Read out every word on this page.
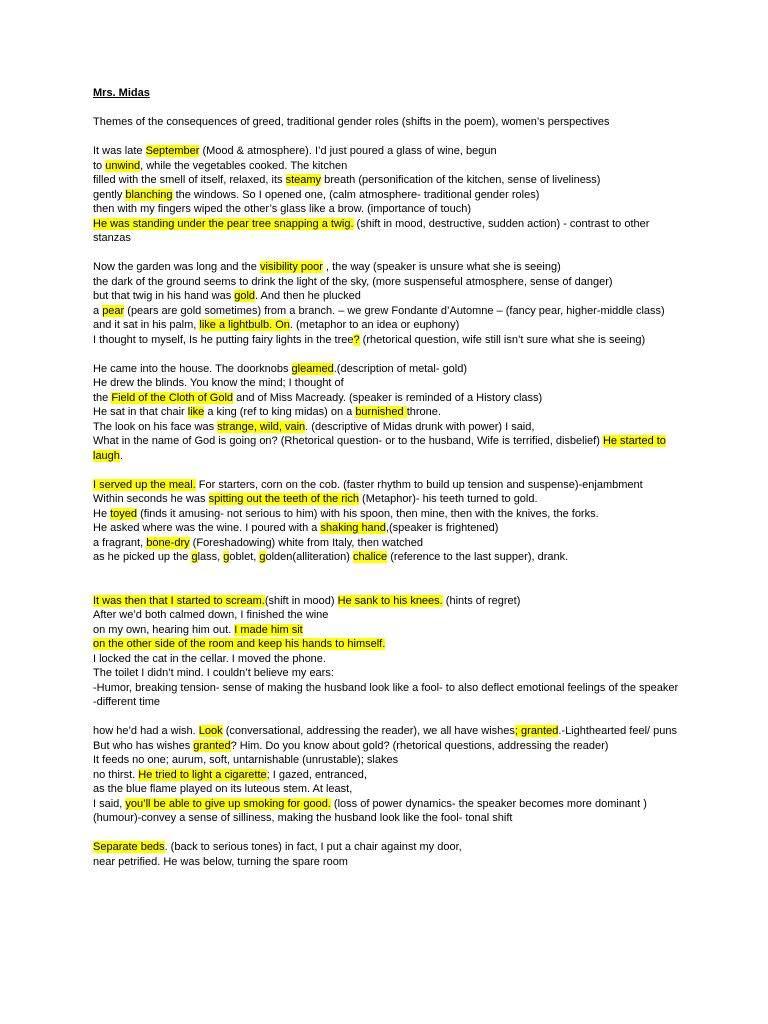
Mrs. Midas

Themes of the consequences of greed, traditional gender roles (shifts in the poem), women’s perspectives

It was late September (Mood & atmosphere). I’d just poured a glass of wine, begun

to unwind, while the vegetables cooked. The kitchen

filled with the smell of itself, relaxed, its steamy breath (personification of the kitchen, sense of liveliness)

gently blanching the windows. So I opened one, (calm atmosphere- traditional gender roles)

then with my fingers wiped the other’s glass like a brow. (importance of touch)

He was standing under the pear tree snapping a twig. (shift in mood, destructive, sudden action) - contrast to other stanzas

Now the garden was long and the visibility poor , the way (speaker is unsure what she is seeing)

the dark of the ground seems to drink the light of the sky, (more suspenseful atmosphere, sense of danger)

but that twig in his hand was gold. And then he plucked

a pear (pears are gold sometimes) from a branch. – we grew Fondante d’Automne – (fancy pear, higher-middle class)

and it sat in his palm, like a lightbulb. On. (metaphor to an idea or euphony)

I thought to myself, Is he putting fairy lights in the tree? (rhetorical question, wife still isn’t sure what she is seeing)

He came into the house. The doorknobs gleamed.(description of metal- gold)

He drew the blinds. You know the mind; I thought of

the Field of the Cloth of Gold and of Miss Macready. (speaker is reminded of a History class)

He sat in that chair like a king (ref to king midas) on a burnished throne.

The look on his face was strange, wild, vain. (descriptive of Midas drunk with power) I said,

What in the name of God is going on? (Rhetorical question- or to the husband, Wife is terrified, disbelief) He started to laugh.

I served up the meal. For starters, corn on the cob. (faster rhythm to build up tension and suspense)-enjambment

Within seconds he was spitting out the teeth of the rich (Metaphor)- his teeth turned to gold.

He toyed (finds it amusing- not serious to him) with his spoon, then mine, then with the knives, the forks.

He asked where was the wine. I poured with a shaking hand,(speaker is frightened)

a fragrant, bone-dry (Foreshadowing) white from Italy, then watched

as he picked up the glass, goblet, golden(alliteration) chalice (reference to the last supper), drank.

It was then that I started to scream.(shift in mood) He sank to his knees. (hints of regret)

After we’d both calmed down, I finished the wine

on my own, hearing him out. I made him sit

on the other side of the room and keep his hands to himself.

I locked the cat in the cellar. I moved the phone.

The toilet I didn’t mind. I couldn’t believe my ears:

-Humor, breaking tension- sense of making the husband look like a fool- to also deflect emotional feelings of the speaker

-different time

how he’d had a wish. Look (conversational, addressing the reader), we all have wishes; granted.-Lighthearted feel/ puns

But who has wishes granted? Him. Do you know about gold? (rhetorical questions, addressing the reader)

It feeds no one; aurum, soft, untarnishable (unrustable); slakes

no thirst. He tried to light a cigarette; I gazed, entranced,

as the blue flame played on its luteous stem. At least,

I said, you’ll be able to give up smoking for good. (loss of power dynamics- the speaker becomes more dominant )(humour)-convey a sense of silliness, making the husband look like the fool- tonal shift

Separate beds. (back to serious tones) in fact, I put a chair against my door,

near petrified. He was below, turning the spare room
